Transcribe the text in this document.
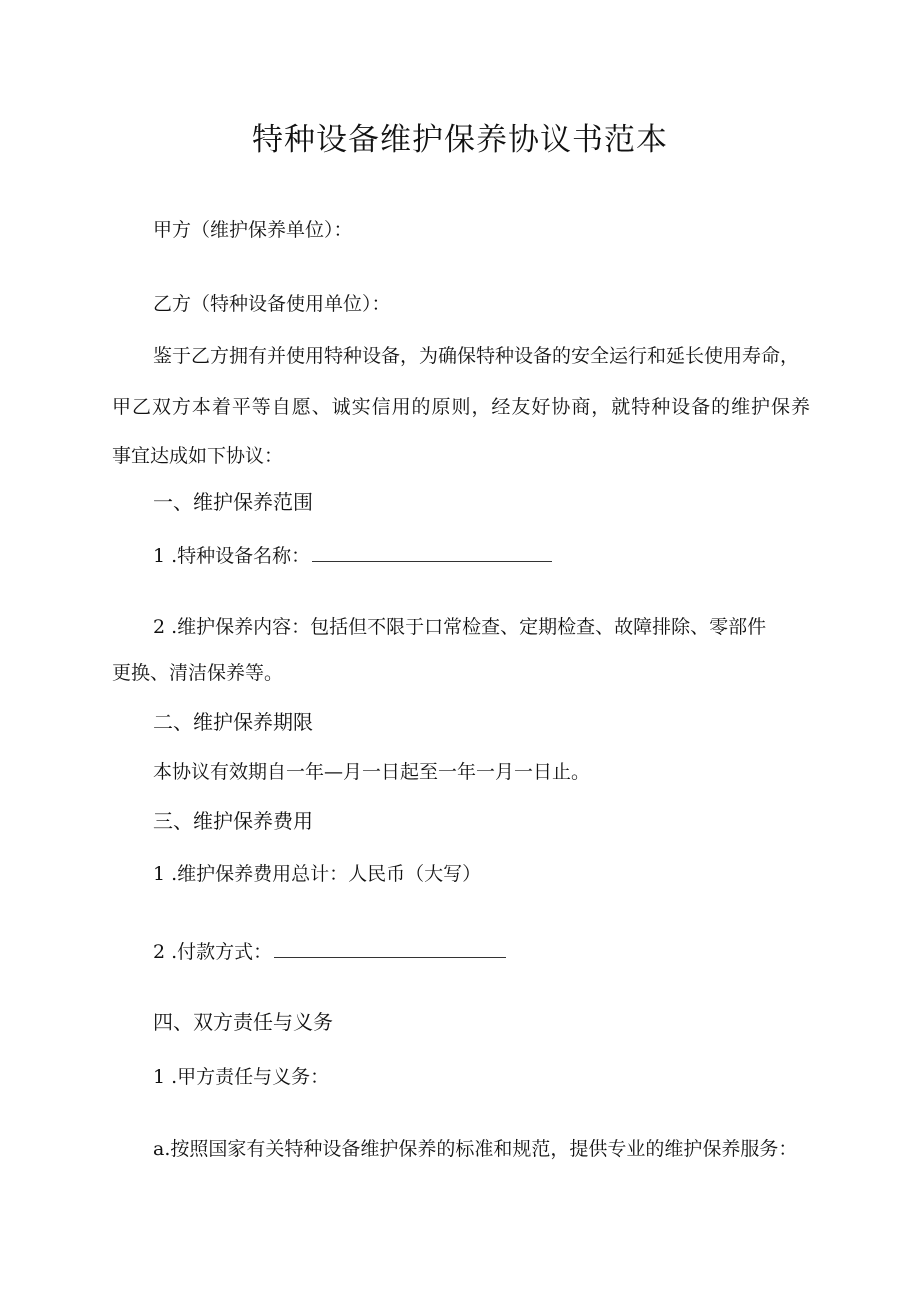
特种设备维护保养协议书范本
甲方（维护保养单位）：
乙方（特种设备使用单位）：
鉴于乙方拥有并使用特种设备，为确保特种设备的安全运行和延长使用寿命，
甲乙双方本着平等自愿、诚实信用的原则，经友好协商，就特种设备的维护保养
事宜达成如下协议：
一、维护保养范围
1 .特种设备名称：
2 .维护保养内容：包括但不限于口常检查、定期检查、故障排除、零部件
更换、清洁保养等。
二、维护保养期限
本协议有效期自一年—月一日起至一年一月一日止。
三、维护保养费用
1 .维护保养费用总计：人民币（大写）
2 .付款方式：
四、双方责任与义务
1 .甲方责任与义务：
a.按照国家有关特种设备维护保养的标准和规范，提供专业的维护保养服务：
